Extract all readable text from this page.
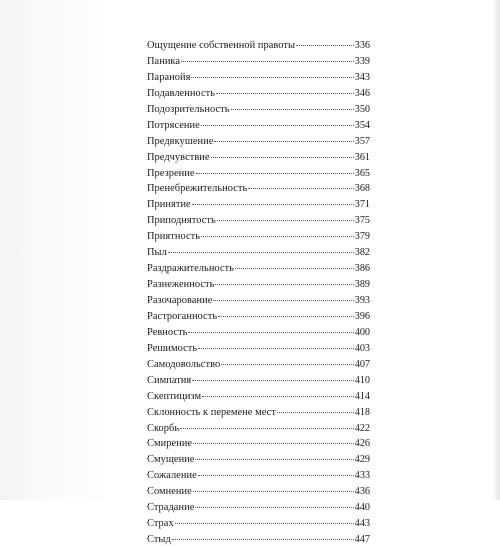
Ощущение собственной правоты	336
Паника	339
Паранойя	343
Подавленность	346
Подозрительность	350
Потрясение	354
Предвкушение	357
Предчувствие	361
Презрение	365
Пренебрежительность	368
Принятие	371
Приподнятость	375
Приятность	379
Пыл	382
Раздражительность	386
Разнеженность	389
Разочарование	393
Растроганность	396
Ревность	400
Решимость	403
Самодовольство	407
Симпатия	410
Скептицизм	414
Склонность к перемене мест	418
Скорбь	422
Смирение	426
Смущение	429
Сожаление	433
Сомнение	436
Страдание	440
Страх	443
Стыд	447
